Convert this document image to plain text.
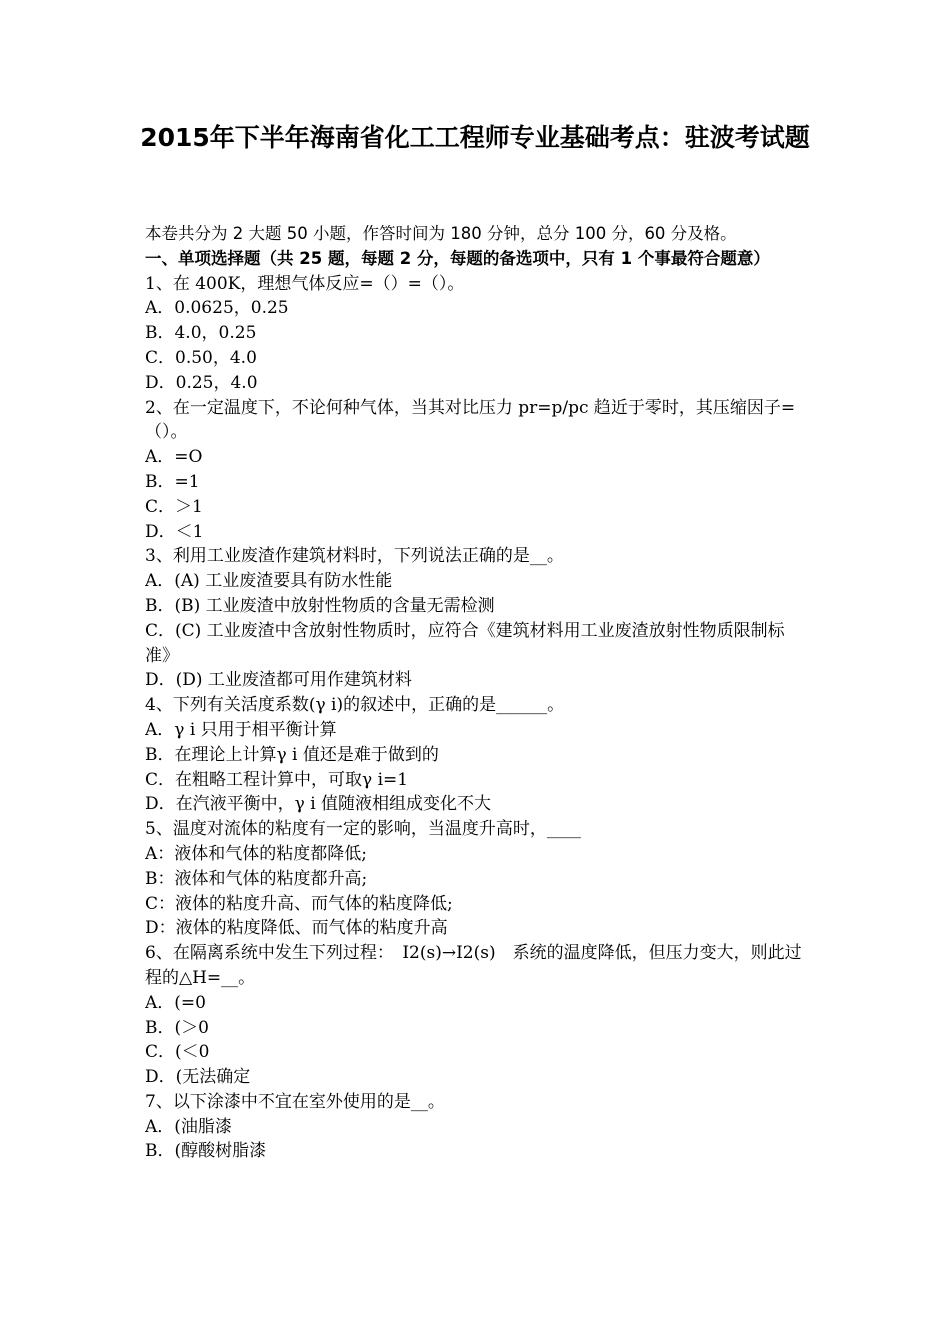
2015年下半年海南省化工工程师专业基础考点：驻波考试题
本卷共分为 2 大题 50 小题，作答时间为 180 分钟，总分 100 分，60 分及格。
一、单项选择题（共 25 题，每题 2 分，每题的备选项中，只有 1 个事最符合题意）
1、在 400K，理想气体反应=（）=（）。
A．0.0625，0.25
B．4.0，0.25
C．0.50，4.0
D．0.25，4.0
2、在一定温度下，不论何种气体，当其对比压力 pr=p/pc 趋近于零时，其压缩因子=（）。
A．=O
B．=1
C．＞1
D．＜1
3、利用工业废渣作建筑材料时，下列说法正确的是__。
A．(A) 工业废渣要具有防水性能
B．(B) 工业废渣中放射性物质的含量无需检测
C．(C) 工业废渣中含放射性物质时，应符合《建筑材料用工业废渣放射性物质限制标准》
D．(D) 工业废渣都可用作建筑材料
4、下列有关活度系数(γ i)的叙述中，正确的是______。
A．γ i 只用于相平衡计算
B．在理论上计算γ i 值还是难于做到的
C．在粗略工程计算中，可取γ i=1
D．在汽液平衡中，γ i 值随液相组成变化不大
5、温度对流体的粘度有一定的影响，当温度升高时，____
A：液体和气体的粘度都降低;
B：液体和气体的粘度都升高;
C：液体的粘度升高、而气体的粘度降低;
D：液体的粘度降低、而气体的粘度升高
6、在隔离系统中发生下列过程：　I2(s)→I2(s)　系统的温度降低，但压力变大，则此过程的△H=__。
A．(=0
B．(＞0
C．(＜0
D．(无法确定
7、以下涂漆中不宜在室外使用的是__。
A．(油脂漆
B．(醇酸树脂漆
